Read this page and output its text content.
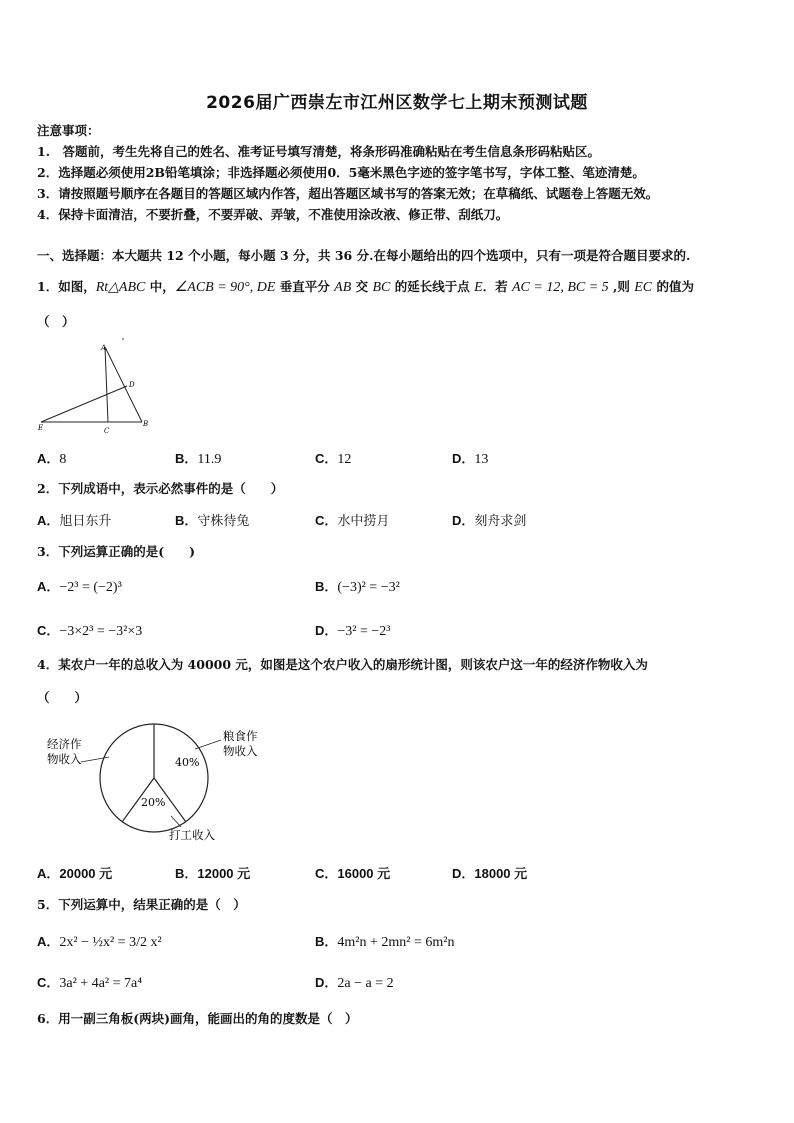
2026届广西崇左市江州区数学七上期末预测试题
注意事项：
1.　答题前，考生先将自己的姓名、准考证号填写清楚，将条形码准确粘贴在考生信息条形码粘贴区。
2．选择题必须使用2B铅笔填涂；非选择题必须使用0．5毫米黑色字迹的签字笔书写，字体工整、笔迹清楚。
3．请按照题号顺序在各题目的答题区域内作答，超出答题区域书写的答案无效；在草稿纸、试题卷上答题无效。
4．保持卡面清洁，不要折叠，不要弄破、弄皱，不准使用涂改液、修正带、刮纸刀。
一、选择题：本大题共 12 个小题，每小题 3 分，共 36 分.在每小题给出的四个选项中，只有一项是符合题目要求的.
1．如图，Rt△ABC 中，∠ACB = 90°, DE 垂直平分 AB 交 BC 的延长线于点 E．若 AC = 12, BC = 5 ,则 EC 的值为
（　）
A
D
E	C
B
A．8	B．11.9	C．12	D．13
2．下列成语中，表示必然事件的是（　　）
A．旭日东升	B．守株待兔	C．水中捞月	D．刻舟求剑
3．下列运算正确的是(　　)
A．−2³ = (−2)³	B．(−3)² = −3²
C．−3×2³ = −3²×3	D．−3² = −2³
4．某农户一年的总收入为 40000 元，如图是这个农户收入的扇形统计图，则该农户这一年的经济作物收入为
（　　）
40%
20%
经济作
物收入
粮食作
物收入
打工收入
A．20000 元	B．12000 元	C．16000 元	D．18000 元
5．下列运算中，结果正确的是（　）
A．2x² − ½x² = 3/2 x²	B．4m²n + 2mn² = 6m²n
C．3a² + 4a² = 7a⁴	D．2a − a = 2
6．用一副三角板(两块)画角，能画出的角的度数是（　）
